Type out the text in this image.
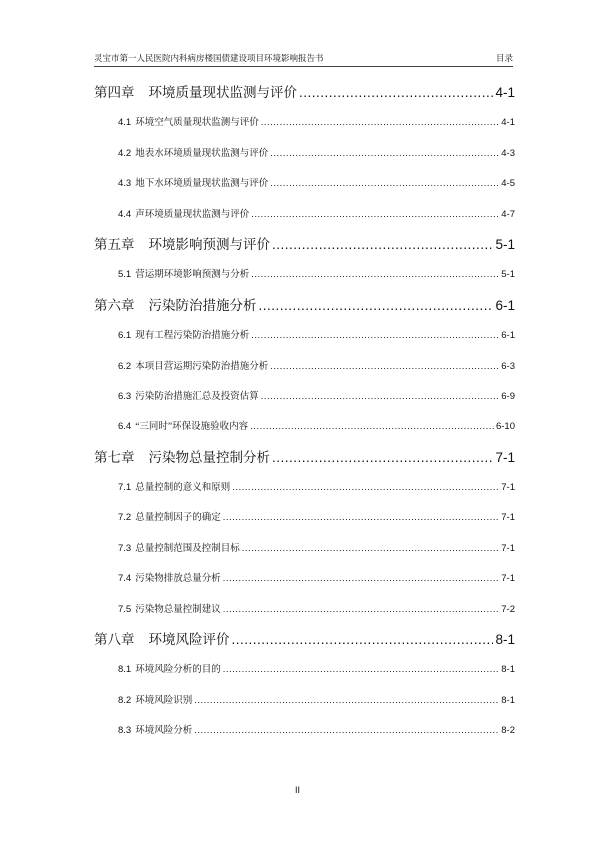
灵宝市第一人民医院内科病房楼国债建设项目环境影响报告书	目录
第四章 环境质量现状监测与评价 .....	4-1
4.1 环境空气质量现状监测与评价 .....	4-1
4.2 地表水环境质量现状监测与评价 .....	4-3
4.3 地下水环境质量现状监测与评价 .....	4-5
4.4 声环境质量现状监测与评价 .....	4-7
第五章 环境影响预测与评价 .....	5-1
5.1 营运期环境影响预测与分析 .....	5-1
第六章 污染防治措施分析 .....	6-1
6.1 现有工程污染防治措施分析 .....	6-1
6.2 本项目营运期污染防治措施分析 .....	6-3
6.3 污染防治措施汇总及投资估算 .....	6-9
6.4 “三同时”环保设施验收内容 .....	6-10
第七章 污染物总量控制分析 .....	7-1
7.1 总量控制的意义和原则 .....	7-1
7.2 总量控制因子的确定 .....	7-1
7.3 总量控制范围及控制目标 .....	7-1
7.4 污染物排放总量分析 .....	7-1
7.5 污染物总量控制建议 .....	7-2
第八章 环境风险评价 .....	8-1
8.1 环境风险分析的目的 .....	8-1
8.2 环境风险识别 .....	8-1
8.3 环境风险分析 .....	8-2
II
